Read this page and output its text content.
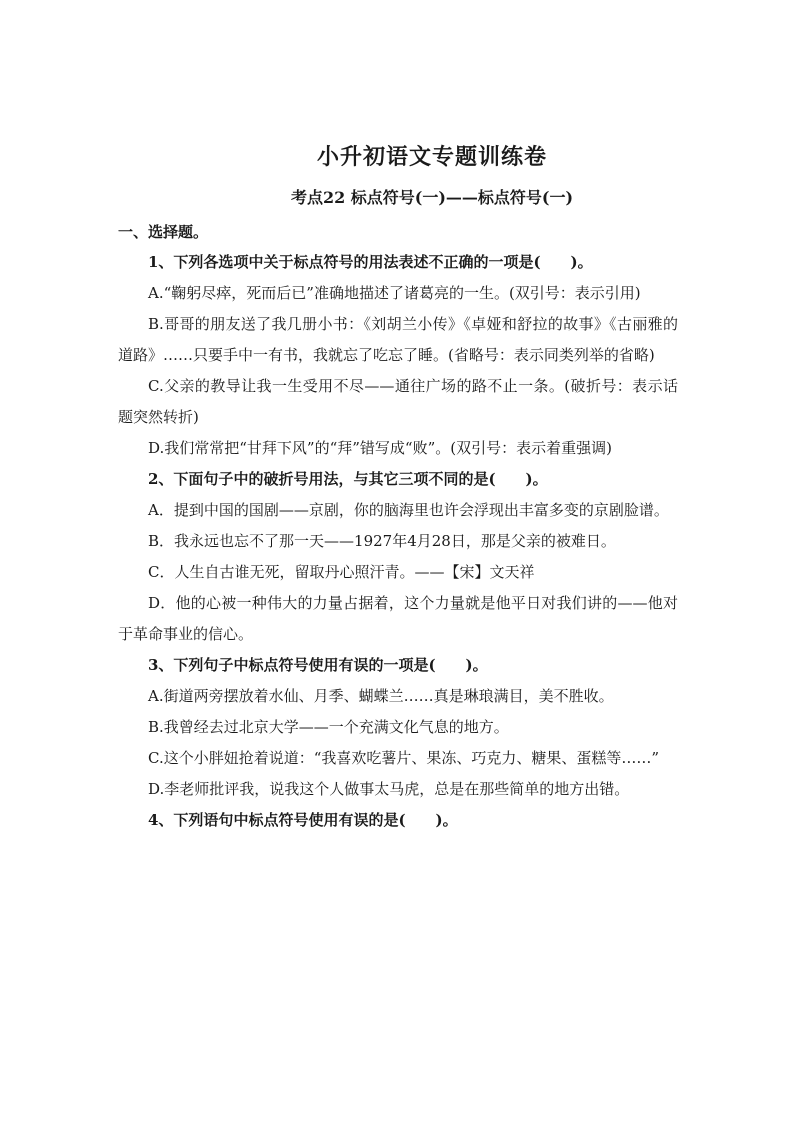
小升初语文专题训练卷
考点22 标点符号(一)——标点符号(一)
一、选择题。

1、下列各选项中关于标点符号的用法表述不正确的一项是(　　)。

A.“鞠躬尽瘁，死而后已”准确地描述了诸葛亮的一生。(双引号：表示引用)

B.哥哥的朋友送了我几册小书：《刘胡兰小传》《卓娅和舒拉的故事》《古丽雅的道路》……只要手中一有书，我就忘了吃忘了睡。(省略号：表示同类列举的省略)

C.父亲的教导让我一生受用不尽——通往广场的路不止一条。(破折号：表示话题突然转折)

D.我们常常把“甘拜下风”的“拜”错写成“败”。(双引号：表示着重强调)

2、下面句子中的破折号用法，与其它三项不同的是(　　)。

A．提到中国的国剧——京剧，你的脑海里也许会浮现出丰富多变的京剧脸谱。

B．我永远也忘不了那一天——1927年4月28日，那是父亲的被难日。

C．人生自古谁无死，留取丹心照汗青。——【宋】文天祥

D．他的心被一种伟大的力量占据着，这个力量就是他平日对我们讲的——他对于革命事业的信心。

3、下列句子中标点符号使用有误的一项是(　　)。

A.街道两旁摆放着水仙、月季、蝴蝶兰……真是琳琅满目，美不胜收。

B.我曾经去过北京大学——一个充满文化气息的地方。

C.这个小胖妞抢着说道：“我喜欢吃薯片、果冻、巧克力、糖果、蛋糕等……”

D.李老师批评我，说我这个人做事太马虎，总是在那些简单的地方出错。

4、下列语句中标点符号使用有误的是(　　)。
